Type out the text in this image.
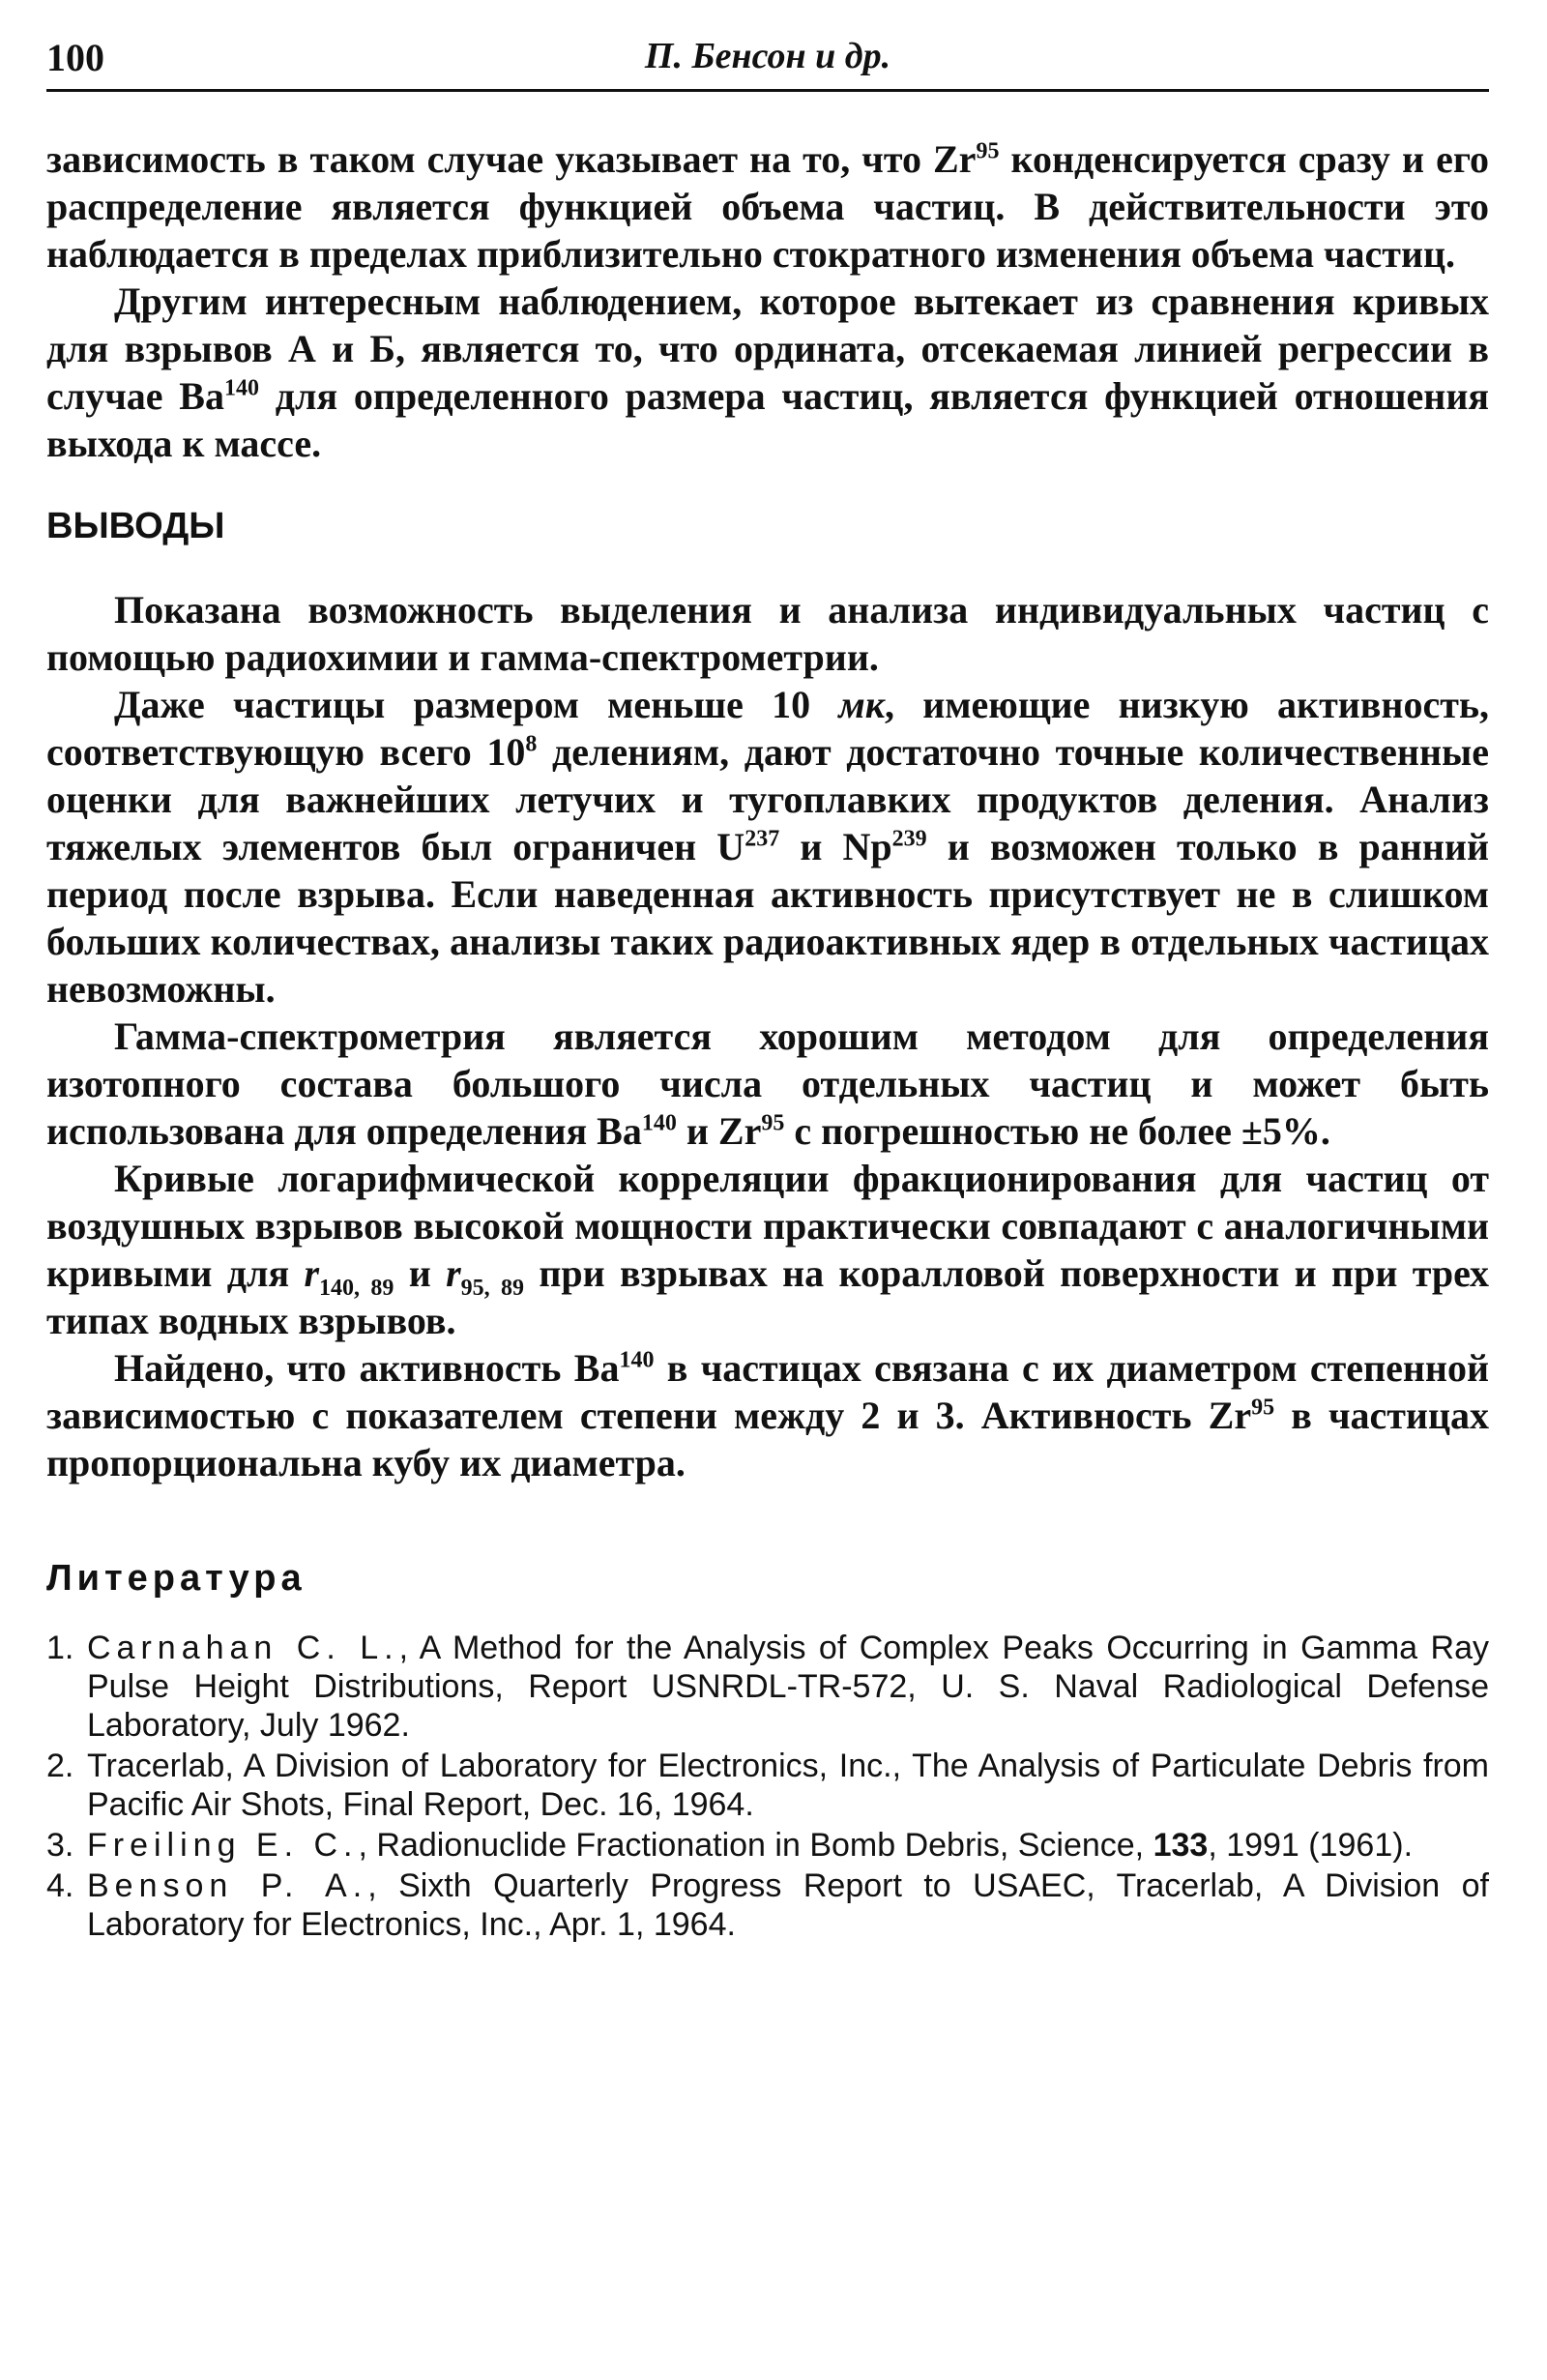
100	П. Бенсон и др.

зависимость в таком случае указывает на то, что Zr$^{95}$ конденсируется сразу и его распределение является функцией объема частиц. В действительности это наблюдается в пределах приблизительно стократного изменения объема частиц.

Другим интересным наблюдением, которое вытекает из сравнения кривых для взрывов А и Б, является то, что ордината, отсекаемая линией регрессии в случае Ba$^{140}$ для определенного размера частиц, является функцией отношения выхода к массе.

ВЫВОДЫ

Показана возможность выделения и анализа индивидуальных частиц с помощью радиохимии и гамма-спектрометрии.

Даже частицы размером меньше 10 мк, имеющие низкую активность, соответствующую всего $10^8$ делениям, дают достаточно точные количественные оценки для важнейших летучих и тугоплавких продуктов деления. Анализ тяжелых элементов был ограничен $U^{237}$ и Np$^{239}$ и возможен только в ранний период после взрыва. Если наведенная активность присутствует не в слишком больших количествах, анализы таких радиоактивных ядер в отдельных частицах невозможны.

Гамма-спектрометрия является хорошим методом для определения изотопного состава большого числа отдельных частиц и может быть использована для определения Ba$^{140}$ и Zr$^{95}$ с погрешностью не более ±5%.

Кривые логарифмической корреляции фракционирования для частиц от воздушных взрывов высокой мощности практически совпадают с аналогичными кривыми для $r_{140, 89}$ и $r_{95, 89}$ при взрывах на коралловой поверхности и при трех типах водных взрывов.

Найдено, что активность Ba$^{140}$ в частицах связана с их диаметром степенной зависимостью с показателем степени между 2 и 3. Активность Zr$^{95}$ в частицах пропорциональна кубу их диаметра.

Литература
1. Carnahan C. L., A Method for the Analysis of Complex Peaks Occurring in Gamma Ray Pulse Height Distributions, Report USNRDL-TR-572, U. S. Naval Radiological Defense Laboratory, July 1962.
2. Tracerlab, A Division of Laboratory for Electronics, Inc., The Analysis of Particulate Debris from Pacific Air Shots, Final Report, Dec. 16, 1964.
3. Freiling E. C., Radionuclide Fractionation in Bomb Debris, Science, 133, 1991 (1961).
4. Benson P. A., Sixth Quarterly Progress Report to USAEC, Tracerlab, A Division of Laboratory for Electronics, Inc., Apr. 1, 1964.
